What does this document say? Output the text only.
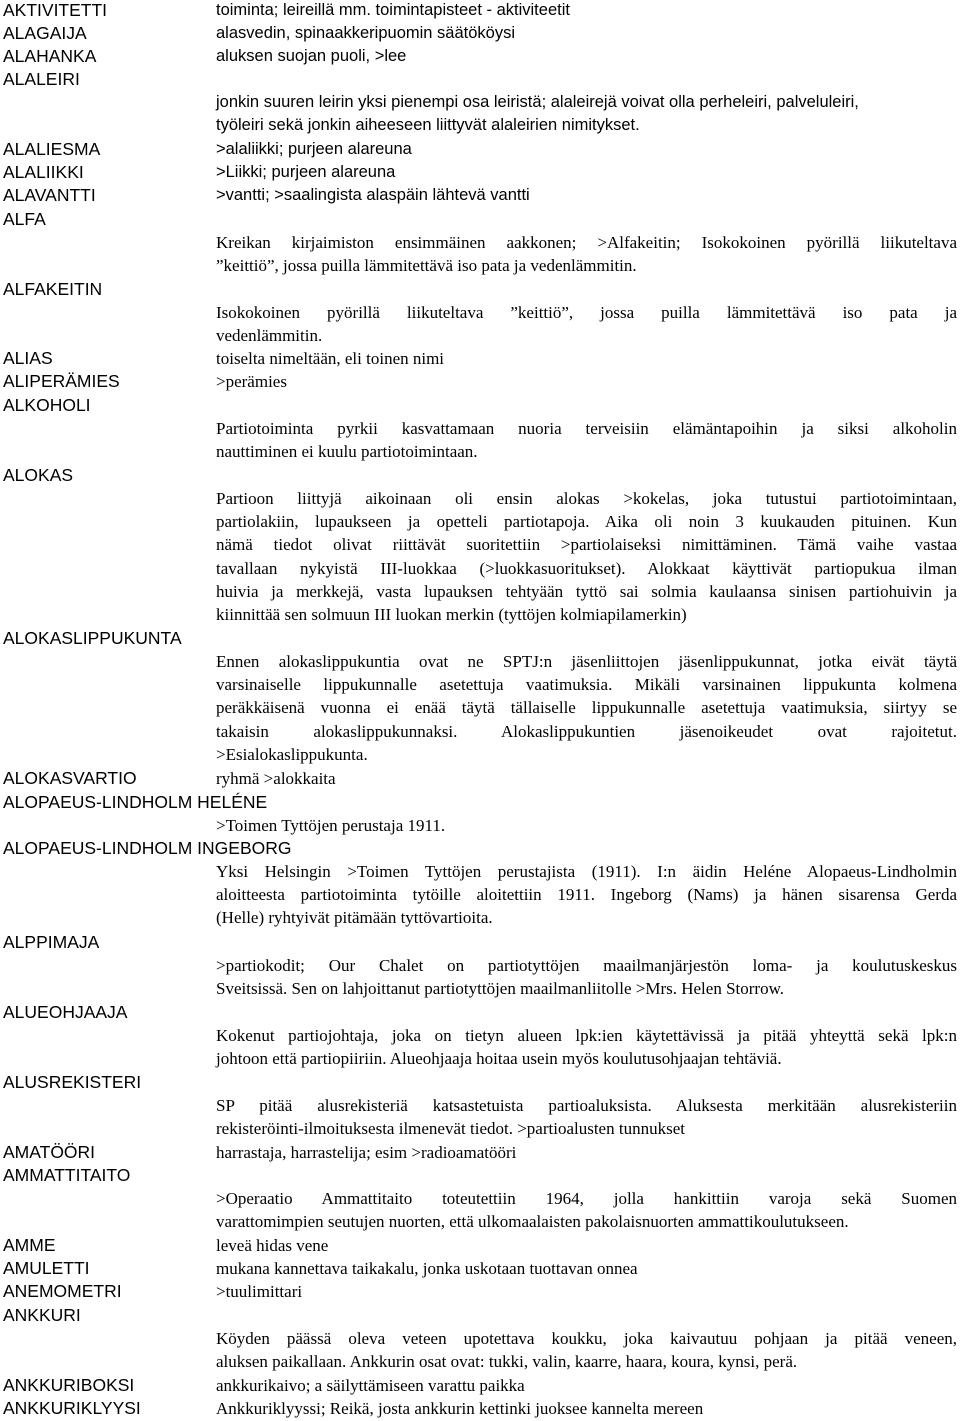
AKTIVITETTI	toiminta; leireillä mm. toimintapisteet - aktiviteetit
ALAGAIJA	alasvedin, spinaakkeripuomin säätököysi
ALAHANKA	aluksen suojan puoli, >lee
ALALEIRI
jonkin suuren leirin yksi pienempi osa leiristä; alaleirejä voivat olla perheleiri, palveluleiri,
työleiri sekä jonkin aiheeseen liittyvät alaleirien nimitykset.
ALALIESMA	>alaliikki; purjeen alareuna
ALALIIKKI	>Liikki; purjeen alareuna
ALAVANTTI	>vantti; >saalingista alaspäin lähtevä vantti
ALFA
Kreikan kirjaimiston ensimmäinen aakkonen; >Alfakeitin; Isokokoinen pyörillä liikuteltava
”keittiö”, jossa puilla lämmitettävä iso pata ja vedenlämmitin.
ALFAKEITIN
Isokokoinen pyörillä liikuteltava ”keittiö”, jossa puilla lämmitettävä iso pata ja
vedenlämmitin.
ALIAS	toiselta nimeltään, eli toinen nimi
ALIPERÄMIES	>perämies
ALKOHOLI
Partiotoiminta pyrkii kasvattamaan nuoria terveisiin elämäntapoihin ja siksi alkoholin
nauttiminen ei kuulu partiotoimintaan.
ALOKAS
Partioon liittyjä aikoinaan oli ensin alokas >kokelas, joka tutustui partiotoimintaan,
partiolakiin, lupaukseen ja opetteli partiotapoja. Aika oli noin 3 kuukauden pituinen. Kun
nämä tiedot olivat riittävät suoritettiin >partiolaiseksi nimittäminen. Tämä vaihe vastaa
tavallaan nykyistä III-luokkaa (>luokkasuoritukset). Alokkaat käyttivät partiopukua ilman
huivia ja merkkejä, vasta lupauksen tehtyään tyttö sai solmia kaulaansa sinisen partiohuivin ja
kiinnittää sen solmuun III luokan merkin (tyttöjen kolmiapilamerkin)
ALOKASLIPPUKUNTA
Ennen alokaslippukuntia ovat ne SPTJ:n jäsenliittojen jäsenlippukunnat, jotka eivät täytä
varsinaiselle lippukunnalle asetettuja vaatimuksia. Mikäli varsinainen lippukunta kolmena
peräkkäisenä vuonna ei enää täytä tällaiselle lippukunnalle asetettuja vaatimuksia, siirtyy se
takaisin alokaslippukunnaksi. Alokaslippukuntien jäsenoikeudet ovat rajoitetut.
>Esialokaslippukunta.
ALOKASVARTIO	ryhmä >alokkaita
ALOPAEUS-LINDHOLM HELÉNE
>Toimen Tyttöjen perustaja 1911.
ALOPAEUS-LINDHOLM INGEBORG
Yksi Helsingin >Toimen Tyttöjen perustajista (1911). I:n äidin Heléne Alopaeus-Lindholmin
aloitteesta partiotoiminta tytöille aloitettiin 1911. Ingeborg (Nams) ja hänen sisarensa Gerda
(Helle) ryhtyivät pitämään tyttövartioita.
ALPPIMAJA
>partiokodit; Our Chalet on partiotyttöjen maailmanjärjestön loma- ja koulutuskeskus
Sveitsissä. Sen on lahjoittanut partiotyttöjen maailmanliitolle >Mrs. Helen Storrow.
ALUEOHJAAJA
Kokenut partiojohtaja, joka on tietyn alueen lpk:ien käytettävissä ja pitää yhteyttä sekä lpk:n
johtoon että partiopiiriin. Alueohjaaja hoitaa usein myös koulutusohjaajan tehtäviä.
ALUSREKISTERI
SP pitää alusrekisteriä katsastetuista partioaluksista. Aluksesta merkitään alusrekisteriin
rekisteröinti-ilmoituksesta ilmenevät tiedot. >partioalusten tunnukset
AMATÖÖRI	harrastaja, harrastelija; esim >radioamatööri
AMMATTITAITO
>Operaatio Ammattitaito toteutettiin 1964, jolla hankittiin varoja sekä Suomen
varattomimpien seutujen nuorten, että ulkomaalaisten pakolaisnuorten ammattikoulutukseen.
AMME	leveä hidas vene
AMULETTI	mukana kannettava taikakalu, jonka uskotaan tuottavan onnea
ANEMOMETRI	>tuulimittari
ANKKURI
Köyden päässä oleva veteen upotettava koukku, joka kaivautuu pohjaan ja pitää veneen,
aluksen paikallaan. Ankkurin osat ovat: tukki, valin, kaarre, haara, koura, kynsi, perä.
ANKKURIBOKSI	ankkurikaivo; a säilyttämiseen varattu paikka
ANKKURIKLYYSI	Ankkuriklyyssi; Reikä, josta ankkurin kettinki juoksee kannelta mereen
